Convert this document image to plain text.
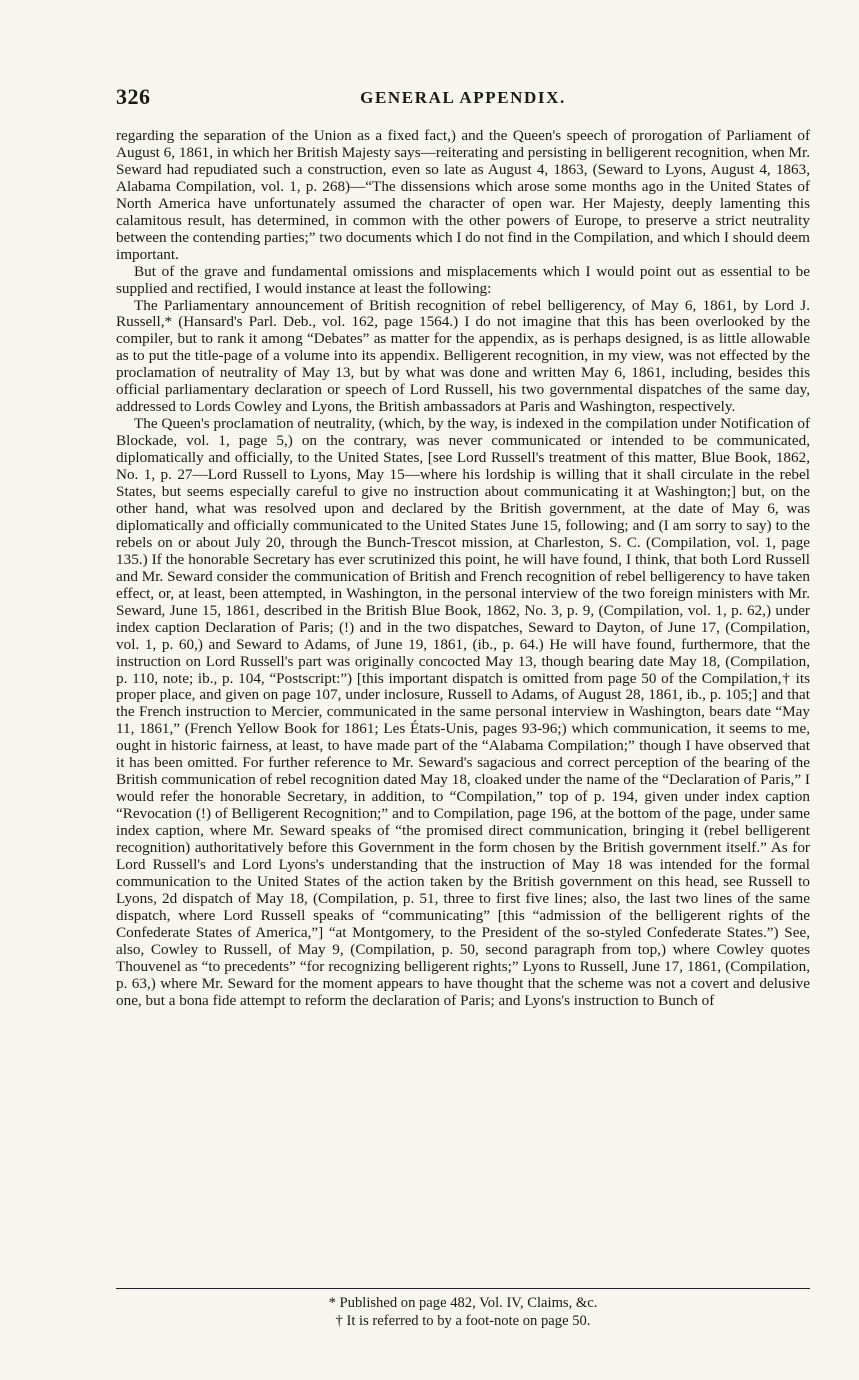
326	GENERAL APPENDIX.

regarding the separation of the Union as a fixed fact,) and the Queen's speech of prorogation of Parliament of August 6, 1861, in which her British Majesty says—reiterating and persisting in belligerent recognition, when Mr. Seward had repudiated such a construction, even so late as August 4, 1863, (Seward to Lyons, August 4, 1863, Alabama Compilation, vol. 1, p. 268)—“The dissensions which arose some months ago in the United States of North America have unfortunately assumed the character of open war. Her Majesty, deeply lamenting this calamitous result, has determined, in common with the other powers of Europe, to preserve a strict neutrality between the contending parties;” two documents which I do not find in the Compilation, and which I should deem important.

But of the grave and fundamental omissions and misplacements which I would point out as essential to be supplied and rectified, I would instance at least the following:

The Parliamentary announcement of British recognition of rebel belligerency, of May 6, 1861, by Lord J. Russell,* (Hansard's Parl. Deb., vol. 162, page 1564.) I do not imagine that this has been overlooked by the compiler, but to rank it among “Debates” as matter for the appendix, as is perhaps designed, is as little allowable as to put the title-page of a volume into its appendix. Belligerent recognition, in my view, was not effected by the proclamation of neutrality of May 13, but by what was done and written May 6, 1861, including, besides this official parliamentary declaration or speech of Lord Russell, his two governmental dispatches of the same day, addressed to Lords Cowley and Lyons, the British ambassadors at Paris and Washington, respectively.

The Queen's proclamation of neutrality, (which, by the way, is indexed in the compilation under Notification of Blockade, vol. 1, page 5,) on the contrary, was never communicated or intended to be communicated, diplomatically and officially, to the United States, [see Lord Russell's treatment of this matter, Blue Book, 1862, No. 1, p. 27—Lord Russell to Lyons, May 15—where his lordship is willing that it shall circulate in the rebel States, but seems especially careful to give no instruction about communicating it at Washington;] but, on the other hand, what was resolved upon and declared by the British government, at the date of May 6, was diplomatically and officially communicated to the United States June 15, following; and (I am sorry to say) to the rebels on or about July 20, through the Bunch-Trescot mission, at Charleston, S. C. (Compilation, vol. 1, page 135.) If the honorable Secretary has ever scrutinized this point, he will have found, I think, that both Lord Russell and Mr. Seward consider the communication of British and French recognition of rebel belligerency to have taken effect, or, at least, been attempted, in Washington, in the personal interview of the two foreign ministers with Mr. Seward, June 15, 1861, described in the British Blue Book, 1862, No. 3, p. 9, (Compilation, vol. 1, p. 62,) under index caption Declaration of Paris; (!) and in the two dispatches, Seward to Dayton, of June 17, (Compilation, vol. 1, p. 60,) and Seward to Adams, of June 19, 1861, (ib., p. 64.) He will have found, furthermore, that the instruction on Lord Russell's part was originally concocted May 13, though bearing date May 18, (Compilation, p. 110, note; ib., p. 104, “Postscript:”) [this important dispatch is omitted from page 50 of the Compilation,† its proper place, and given on page 107, under inclosure, Russell to Adams, of August 28, 1861, ib., p. 105;] and that the French instruction to Mercier, communicated in the same personal interview in Washington, bears date “May 11, 1861,” (French Yellow Book for 1861; Les États-Unis, pages 93-96;) which communication, it seems to me, ought in historic fairness, at least, to have made part of the “Alabama Compilation;” though I have observed that it has been omitted. For further reference to Mr. Seward's sagacious and correct perception of the bearing of the British communication of rebel recognition dated May 18, cloaked under the name of the “Declaration of Paris,” I would refer the honorable Secretary, in addition, to “Compilation,” top of p. 194, given under index caption “Revocation (!) of Belligerent Recognition;” and to Compilation, page 196, at the bottom of the page, under same index caption, where Mr. Seward speaks of “the promised direct communication, bringing it (rebel belligerent recognition) authoritatively before this Government in the form chosen by the British government itself.” As for Lord Russell's and Lord Lyons's understanding that the instruction of May 18 was intended for the formal communication to the United States of the action taken by the British government on this head, see Russell to Lyons, 2d dispatch of May 18, (Compilation, p. 51, three to first five lines; also, the last two lines of the same dispatch, where Lord Russell speaks of “communicating” [this “admission of the belligerent rights of the Confederate States of America,”] “at Montgomery, to the President of the so-styled Confederate States.”) See, also, Cowley to Russell, of May 9, (Compilation, p. 50, second paragraph from top,) where Cowley quotes Thouvenel as “to precedents” “for recognizing belligerent rights;” Lyons to Russell, June 17, 1861, (Compilation, p. 63,) where Mr. Seward for the moment appears to have thought that the scheme was not a covert and delusive one, but a bona fide attempt to reform the declaration of Paris; and Lyons's instruction to Bunch of

* Published on page 482, Vol. IV, Claims, &c.
† It is referred to by a foot-note on page 50.
